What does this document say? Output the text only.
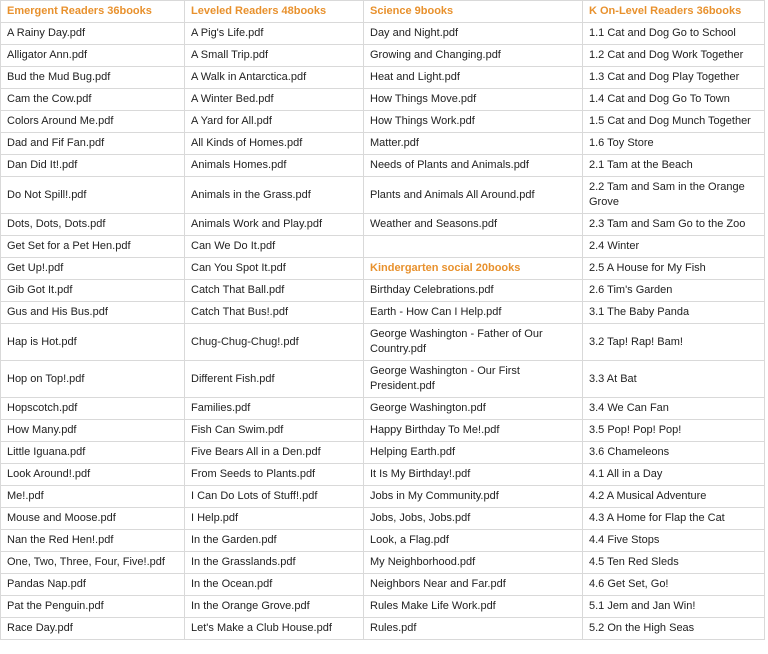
Emergent Readers 36books	Leveled Readers 48books	Science 9books	K On-Level Readers 36books
A Rainy Day.pdf	A Pig's Life.pdf	Day and Night.pdf	1.1 Cat and Dog Go to School
Alligator Ann.pdf	A Small Trip.pdf	Growing and Changing.pdf	1.2 Cat and Dog Work Together
Bud the Mud Bug.pdf	A Walk in Antarctica.pdf	Heat and Light.pdf	1.3 Cat and Dog Play Together
Cam the Cow.pdf	A Winter Bed.pdf	How Things Move.pdf	1.4 Cat and Dog Go To Town
Colors Around Me.pdf	A Yard for All.pdf	How Things Work.pdf	1.5 Cat and Dog Munch Together
Dad and Fif Fan.pdf	All Kinds of Homes.pdf	Matter.pdf	1.6 Toy Store
Dan Did It!.pdf	Animals Homes.pdf	Needs of Plants and Animals.pdf	2.1 Tam at the Beach
Do Not Spill!.pdf	Animals in the Grass.pdf	Plants and Animals All Around.pdf	2.2 Tam and Sam in the Orange Grove
Dots, Dots, Dots.pdf	Animals Work and Play.pdf	Weather and Seasons.pdf	2.3 Tam and Sam Go to the Zoo
Get Set for a Pet Hen.pdf	Can We Do It.pdf		2.4 Winter
Get Up!.pdf	Can You Spot It.pdf	Kindergarten social 20books	2.5 A House for My Fish
Gib Got It.pdf	Catch That Ball.pdf	Birthday Celebrations.pdf	2.6 Tim's Garden
Gus and His Bus.pdf	Catch That Bus!.pdf	Earth - How Can I Help.pdf	3.1 The Baby Panda
Hap is Hot.pdf	Chug-Chug-Chug!.pdf	George Washington - Father of Our Country.pdf	3.2 Tap! Rap! Bam!
Hop on Top!.pdf	Different Fish.pdf	George Washington - Our First President.pdf	3.3 At Bat
Hopscotch.pdf	Families.pdf	George Washington.pdf	3.4 We Can Fan
How Many.pdf	Fish Can Swim.pdf	Happy Birthday To Me!.pdf	3.5 Pop! Pop! Pop!
Little Iguana.pdf	Five Bears All in a Den.pdf	Helping Earth.pdf	3.6 Chameleons
Look Around!.pdf	From Seeds to Plants.pdf	It Is My Birthday!.pdf	4.1 All in a Day
Me!.pdf	I Can Do Lots of Stuff!.pdf	Jobs in My Community.pdf	4.2 A Musical Adventure
Mouse and Moose.pdf	I Help.pdf	Jobs, Jobs, Jobs.pdf	4.3 A Home for Flap the Cat
Nan the Red Hen!.pdf	In the Garden.pdf	Look, a Flag.pdf	4.4 Five Stops
One, Two, Three, Four, Five!.pdf	In the Grasslands.pdf	My Neighborhood.pdf	4.5 Ten Red Sleds
Pandas Nap.pdf	In the Ocean.pdf	Neighbors Near and Far.pdf	4.6 Get Set, Go!
Pat the Penguin.pdf	In the Orange Grove.pdf	Rules Make Life Work.pdf	5.1 Jem and Jan Win!
Race Day.pdf	Let's Make a Club House.pdf	Rules.pdf	5.2 On the High Seas
